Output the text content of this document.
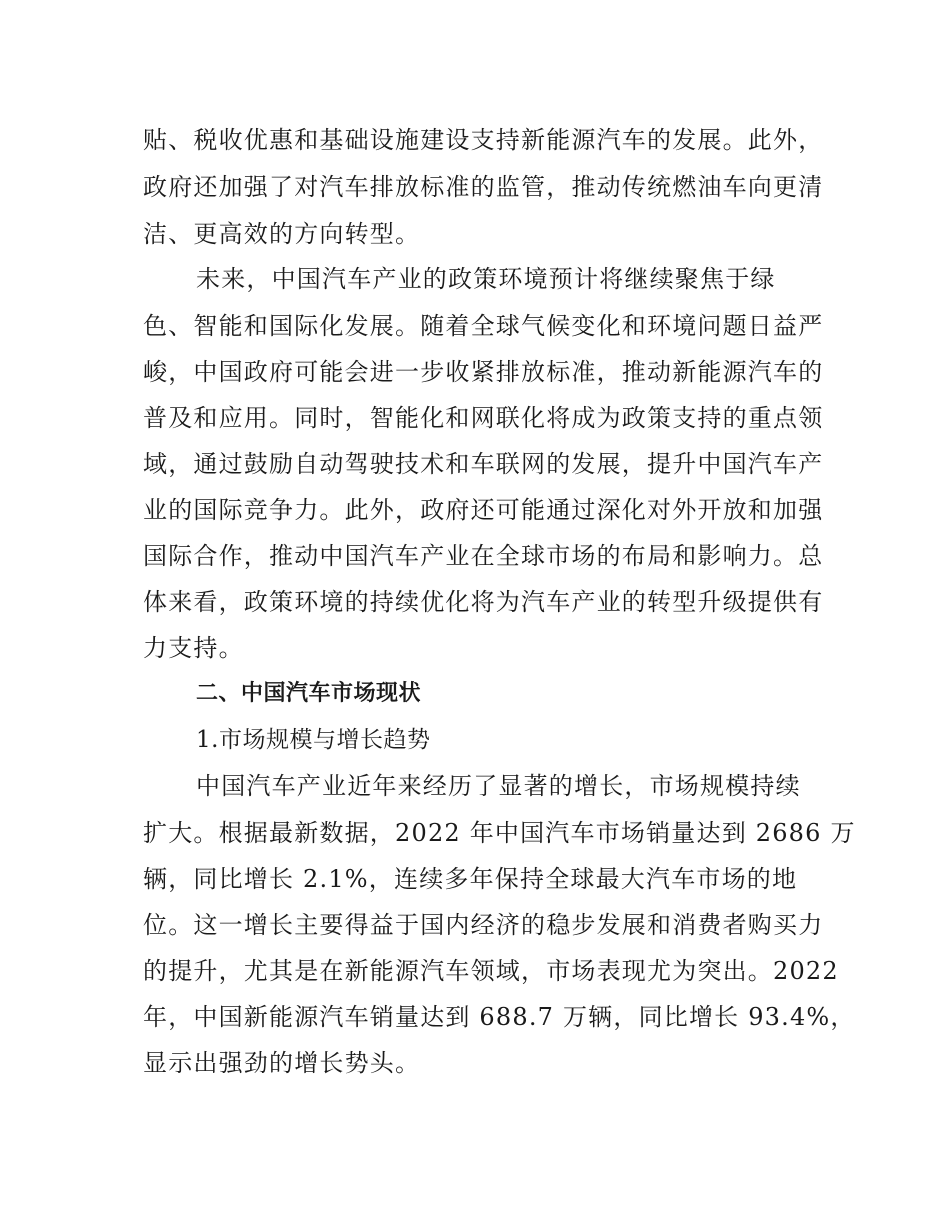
贴、税收优惠和基础设施建设支持新能源汽车的发展。此外，
政府还加强了对汽车排放标准的监管，推动传统燃油车向更清
洁、更高效的方向转型。
未来，中国汽车产业的政策环境预计将继续聚焦于绿
色、智能和国际化发展。随着全球气候变化和环境问题日益严
峻，中国政府可能会进一步收紧排放标准，推动新能源汽车的
普及和应用。同时，智能化和网联化将成为政策支持的重点领
域，通过鼓励自动驾驶技术和车联网的发展，提升中国汽车产
业的国际竞争力。此外，政府还可能通过深化对外开放和加强
国际合作，推动中国汽车产业在全球市场的布局和影响力。总
体来看，政策环境的持续优化将为汽车产业的转型升级提供有
力支持。
二、中国汽车市场现状
1.市场规模与增长趋势
中国汽车产业近年来经历了显著的增长，市场规模持续
扩大。根据最新数据，2022 年中国汽车市场销量达到 2686 万
辆，同比增长 2.1%，连续多年保持全球最大汽车市场的地
位。这一增长主要得益于国内经济的稳步发展和消费者购买力
的提升，尤其是在新能源汽车领域，市场表现尤为突出。2022
年，中国新能源汽车销量达到 688.7 万辆，同比增长 93.4%，
显示出强劲的增长势头。
